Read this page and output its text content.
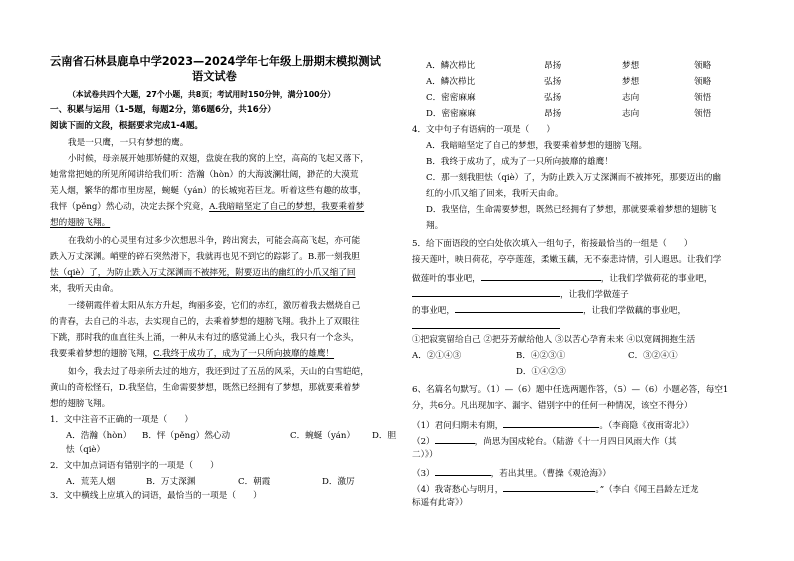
云南省石林县鹿阜中学2023—2024学年七年级上册期末模拟测试
语文试卷
（本试卷共四个大题，27个小题，共8页；考试用时150分钟，满分100分）
一、积累与运用（1-5题，每题2分，第6题6分，共16分）
阅读下面的文段，根据要求完成1-4题。
我是一只鹰，一只有梦想的鹰。
小时候，母亲展开她那矫健的双翅，盘旋在我的窝的上空，高高的飞起又落下，
她常常把她的所见所闻讲给我们听：浩瀚（hòn）的大海波澜壮阔，渺茫的大漠荒
芜人烟，繁华的都市里房屋，蜿蜒（yán）的长城宛若巨龙。听着这些有趣的故事，
我怦（pěng）然心动，决定去探个究竟，A.我暗暗坚定了自己的梦想，我要乘着梦
想的翅膀飞翔。
在我幼小的心灵里有过多少次想思斗争，跨出窝去，可能会高高飞起，亦可能
跌入万丈深渊。峭壁的碎石突然滑下，我就再也见不到它的踪影了。B.那一刻我胆
怯（qiè）了，为防止跌入万丈深渊而不被摔死，附要迈出的幽红的小爪又缩了回
来，我听天由命。
一缕朝霞伴着太阳从东方升起，绚丽多姿，它们的赤红，激厉着我去燃烧自己
的青春，去自己的斗志，去实现自己的，去乘着梦想的翅膀飞翔。我扑上了双眼往
下跳，那时我的血直往头上涌，一种从未有过的感觉涌上心头，我只有一个念头，
我要乘着梦想的翅膀飞翔，C.我终于成功了，成为了一只所向披靡的雄鹰！
如今，我去过了母亲所去过的地方，我还到过了五岳的风采，天山的白雪皑皑，
黄山的奇松怪石，D.我坚信，生命需要梦想，既然已经拥有了梦想，那就要乘着梦
想的翅膀飞翔。
1．文中注音不正确的一项是（　　）
A．浩瀚（hòn） B．怦（pěng）然心动	C．蜿蜒（yán） D．胆
怯（qiè）
2．文中加点词语有错别字的一项是（　　）
A．荒芜人烟	B．万丈深渊	C．朝霞	D．激厉
3．文中横线上应填入的词语，最恰当的一项是（　　）
A．鳞次栉比	昂扬	梦想	领略
A．鳞次栉比	弘扬	梦想	领略
C．密密麻麻	弘扬	志向	领悟
D．密密麻麻	昂扬	志向	领悟
4．文中句子有语病的一项是（　　）
A．我暗暗坚定了自己的梦想，我要乘着梦想的翅膀飞翔。
B．我终于成功了，成为了一只所向披靡的雄鹰！
C．那一刻我胆怯（qiè）了，为防止跌入万丈深渊而不被摔死，那要迈出的幽
红的小爪又缩了回来，我听天由命。
D．我坚信，生命需要梦想，既然已经拥有了梦想，那就要乘着梦想的翅膀飞
翔。
5．给下面语段的空白处依次填入一组句子，衔接最恰当的一组是（　　）
接天莲叶，映日荷花，亭亭莲莲，柔嫩玉藕，无不泰悲诗情，引人遐思。让我们学
做莲叶的事业吧，	，让我们学做荷花的事业吧，
，让我们学做莲子
的事业吧，	，让我们学做藕的事业吧，
①把寂寞留给自己 ②把芬芳献给他人 ③以苦心孕育未来 ④以宽阔拥抱生活
A．②①④③	B．④②③①	C．③②④①
D．①④②③
6、名篇名句默写。（1）—（6）题中任选两题作答，（5）—（6）小题必答，每空1
分，共6分。凡出现加字、漏字、错别字中的任何一种情况，该空不得分）
（1）君问归期未有期，	。（李商隐《夜雨寄北》）
（2）	，尚思为国戍轮台。（陆游《十一月四日风雨大作（其
二）》）
（3）	，若出其里。（曹操《观沧海》）
（4）我寄愁心与明月，	。”（李白《闻王昌龄左迁龙
标遥有此寄》）
